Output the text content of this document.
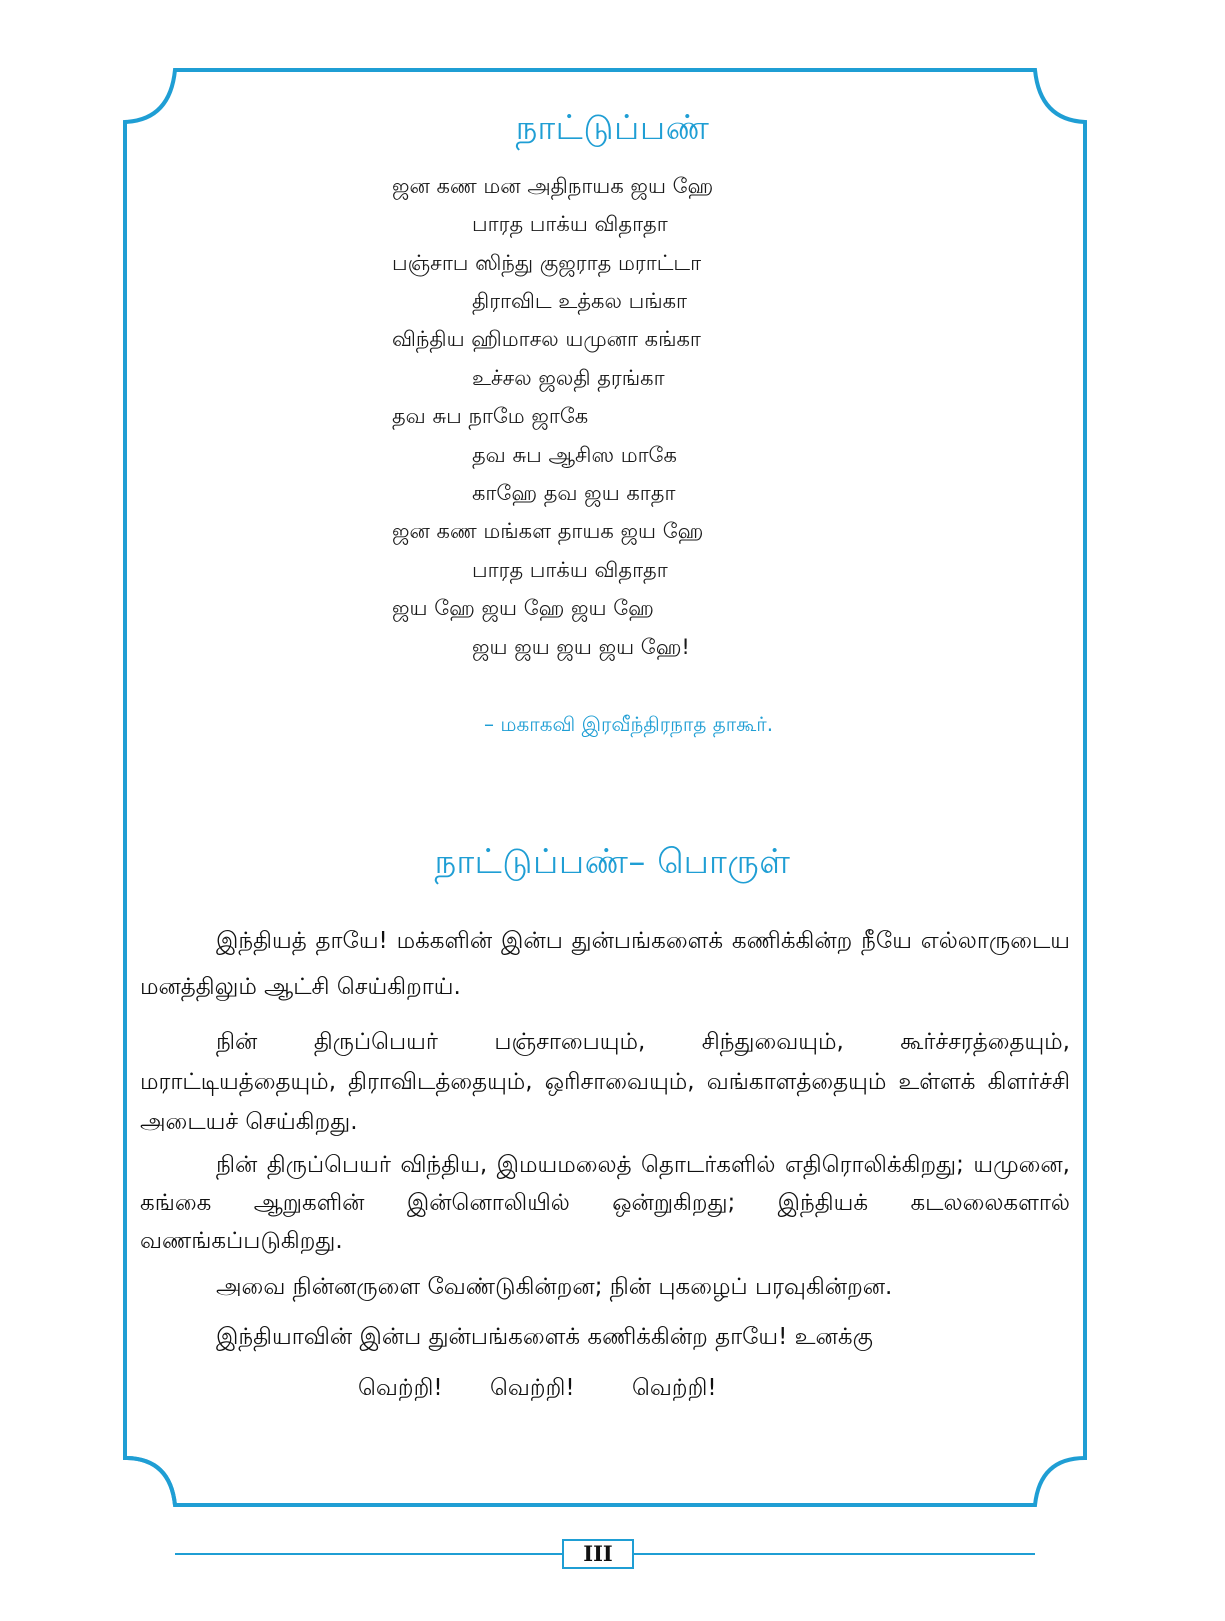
நாட்டுப்பண்
ஜன கண மன அதிநாயக ஜய ஹே
பாரத பாக்ய விதாதா
பஞ்சாப ஸிந்து குஜராத மராட்டா
திராவிட உத்கல பங்கா
விந்திய ஹிமாசல யமுனா கங்கா
உச்சல ஜலதி தரங்கா
தவ சுப நாமே ஜாகே
தவ சுப ஆசிஸ மாகே
காஹே தவ ஜய காதா
ஜன கண மங்கள தாயக ஜய ஹே
பாரத பாக்ய விதாதா
ஜய ஹே ஜய ஹே ஜய ஹே
ஜய ஜய ஜய ஜய ஹே!
– மகாகவி இரவீந்திரநாத தாகூர்.
நாட்டுப்பண்– பொருள்
இந்தியத் தாயே! மக்களின் இன்ப துன்பங்களைக் கணிக்கின்ற நீயே எல்லாருடைய மனத்திலும் ஆட்சி செய்கிறாய்.
நின் திருப்பெயர் பஞ்சாபையும், சிந்துவையும், கூர்ச்சரத்தையும், மராட்டியத்தையும், திராவிடத்தையும், ஒரிசாவையும், வங்காளத்தையும் உள்ளக் கிளர்ச்சி அடையச் செய்கிறது.
நின் திருப்பெயர் விந்திய, இமயமலைத் தொடர்களில் எதிரொலிக்கிறது; யமுனை, கங்கை ஆறுகளின் இன்னொலியில் ஒன்றுகிறது; இந்தியக் கடலலைகளால் வணங்கப்படுகிறது.
அவை நின்னருளை வேண்டுகின்றன; நின் புகழைப் பரவுகின்றன.
இந்தியாவின் இன்ப துன்பங்களைக் கணிக்கின்ற தாயே! உனக்கு
வெற்றி! வெற்றி! வெற்றி!
III
